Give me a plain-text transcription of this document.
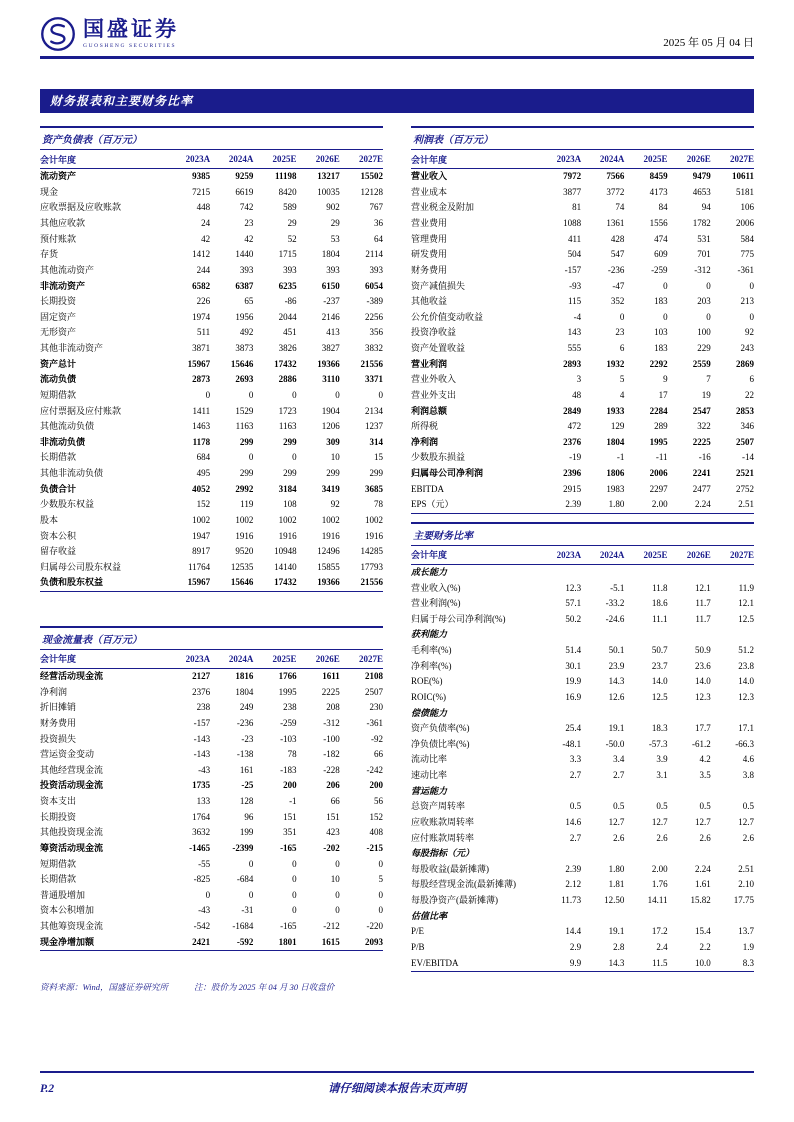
国盛证券
GUOSHENG SECURITIES	2025 年 05 月 04 日
财务报表和主要财务比率
资产负债表（百万元）
会计年度	2023A	2024A	2025E	2026E	2027E
流动资产	9385	9259	11198	13217	15502
现金	7215	6619	8420	10035	12128
应收票据及应收账款	448	742	589	902	767
其他应收款	24	23	29	29	36
预付账款	42	42	52	53	64
存货	1412	1440	1715	1804	2114
其他流动资产	244	393	393	393	393
非流动资产	6582	6387	6235	6150	6054
长期投资	226	65	-86	-237	-389
固定资产	1974	1956	2044	2146	2256
无形资产	511	492	451	413	356
其他非流动资产	3871	3873	3826	3827	3832
资产总计	15967	15646	17432	19366	21556
流动负债	2873	2693	2886	3110	3371
短期借款	0	0	0	0	0
应付票据及应付账款	1411	1529	1723	1904	2134
其他流动负债	1463	1163	1163	1206	1237
非流动负债	1178	299	299	309	314
长期借款	684	0	0	10	15
其他非流动负债	495	299	299	299	299
负债合计	4052	2992	3184	3419	3685
少数股东权益	152	119	108	92	78
股本	1002	1002	1002	1002	1002
资本公积	1947	1916	1916	1916	1916
留存收益	8917	9520	10948	12496	14285
归属母公司股东权益	11764	12535	14140	15855	17793
负债和股东权益	15967	15646	17432	19366	21556
现金流量表（百万元）
会计年度	2023A	2024A	2025E	2026E	2027E
经营活动现金流	2127	1816	1766	1611	2108
净利润	2376	1804	1995	2225	2507
折旧摊销	238	249	238	208	230
财务费用	-157	-236	-259	-312	-361
投资损失	-143	-23	-103	-100	-92
营运资金变动	-143	-138	78	-182	66
其他经营现金流	-43	161	-183	-228	-242
投资活动现金流	1735	-25	200	206	200
资本支出	133	128	-1	66	56
长期投资	1764	96	151	151	152
其他投资现金流	3632	199	351	423	408
筹资活动现金流	-1465	-2399	-165	-202	-215
短期借款	-55	0	0	0	0
长期借款	-825	-684	0	10	5
普通股增加	0	0	0	0	0
资本公积增加	-43	-31	0	0	0
其他筹资现金流	-542	-1684	-165	-212	-220
现金净增加额	2421	-592	1801	1615	2093
利润表（百万元）
会计年度	2023A	2024A	2025E	2026E	2027E
营业收入	7972	7566	8459	9479	10611
营业成本	3877	3772	4173	4653	5181
营业税金及附加	81	74	84	94	106
营业费用	1088	1361	1556	1782	2006
管理费用	411	428	474	531	584
研发费用	504	547	609	701	775
财务费用	-157	-236	-259	-312	-361
资产减值损失	-93	-47	0	0	0
其他收益	115	352	183	203	213
公允价值变动收益	-4	0	0	0	0
投资净收益	143	23	103	100	92
资产处置收益	555	6	183	229	243
营业利润	2893	1932	2292	2559	2869
营业外收入	3	5	9	7	6
营业外支出	48	4	17	19	22
利润总额	2849	1933	2284	2547	2853
所得税	472	129	289	322	346
净利润	2376	1804	1995	2225	2507
少数股东损益	-19	-1	-11	-16	-14
归属母公司净利润	2396	1806	2006	2241	2521
EBITDA	2915	1983	2297	2477	2752
EPS（元）	2.39	1.80	2.00	2.24	2.51
主要财务比率
会计年度	2023A	2024A	2025E	2026E	2027E
成长能力					
营业收入(%)	12.3	-5.1	11.8	12.1	11.9
营业利润(%)	57.1	-33.2	18.6	11.7	12.1
归属于母公司净利润(%)	50.2	-24.6	11.1	11.7	12.5
获利能力					
毛利率(%)	51.4	50.1	50.7	50.9	51.2
净利率(%)	30.1	23.9	23.7	23.6	23.8
ROE(%)	19.9	14.3	14.0	14.0	14.0
ROIC(%)	16.9	12.6	12.5	12.3	12.3
偿债能力					
资产负债率(%)	25.4	19.1	18.3	17.7	17.1
净负债比率(%)	-48.1	-50.0	-57.3	-61.2	-66.3
流动比率	3.3	3.4	3.9	4.2	4.6
速动比率	2.7	2.7	3.1	3.5	3.8
营运能力					
总资产周转率	0.5	0.5	0.5	0.5	0.5
应收账款周转率	14.6	12.7	12.7	12.7	12.7
应付账款周转率	2.7	2.6	2.6	2.6	2.6
每股指标（元）					
每股收益(最新摊薄)	2.39	1.80	2.00	2.24	2.51
每股经营现金流(最新摊薄)	2.12	1.81	1.76	1.61	2.10
每股净资产(最新摊薄)	11.73	12.50	14.11	15.82	17.75
估值比率					
P/E	14.4	19.1	17.2	15.4	13.7
P/B	2.9	2.8	2.4	2.2	1.9
EV/EBITDA	9.9	14.3	11.5	10.0	8.3
资料来源：Wind，国盛证券研究所	注：股价为 2025 年 04 月 30 日收盘价
P.2	请仔细阅读本报告末页声明
